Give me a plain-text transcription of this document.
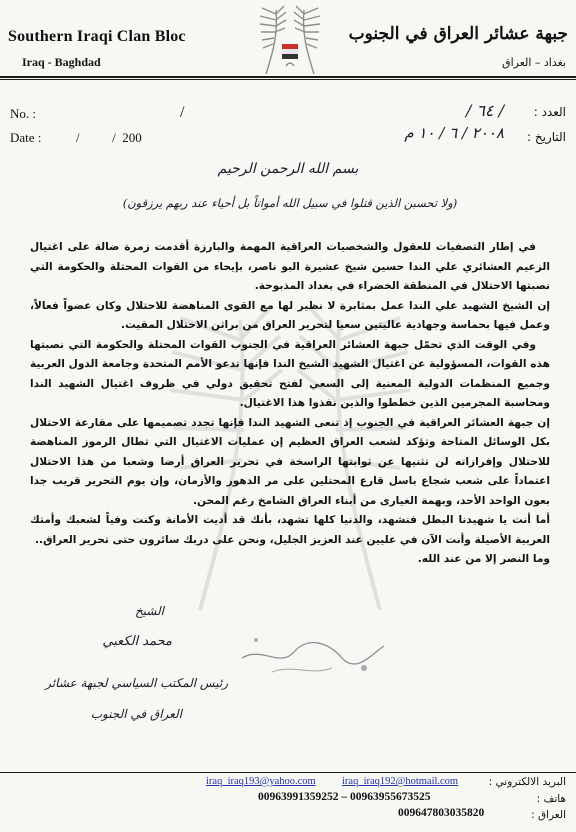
Southern Iraqi Clan Bloc
Iraq - Baghdad
جبهة عشائر العراق في الجنوب
بغداد – العراق
No. :	/
Date :	/          /  200
العدد :
/ ٦٤ /
التاريخ :
٢٠٠٨ / ٦ / ١٠ م
بسم الله الرحمن الرحيم
(ولا تحسبن الذين قتلوا في سبيل الله أمواتاً بل أحياء عند ربهم يرزقون)

في إطار التصفيات للعقول والشخصيات العراقية المهمة والبارزة أقدمت زمرة ضالة على اغتيال الزعيم العشائري علي الندا حسين شيخ عشيرة البو ناصر، بإيحاء من القوات المحتلة والحكومة التي نصبتها الاحتلال في المنطقة الخضراء في بغداد المذبوحة.

إن الشيخ الشهيد علي الندا عمل بمثابرة لا نظير لها مع القوى المناهضة للاحتلال وكان عضواً فعالاً، وعمل فيها بحماسة وجهادية عاليتين سعيا لتحرير العراق من براثن الاحتلال المقيت.

وفي الوقت الذي تحمّل جبهة العشائر العراقية في الجنوب القوات المحتلة والحكومة التي نصبتها هذه القوات، المسؤولية عن اغتيال الشهيد الشيخ الندا فإنها تدعو الأمم المتحدة وجامعة الدول العربية وجميع المنظمات الدولية المعنية إلى السعي لفتح تحقيق دولي في ظروف اغتيال الشهيد الندا ومحاسبة المجرمين الذين خططوا والذين نفذوا هذا الاغتيال.

إن جبهة العشائر العراقية في الجنوب إذ تنعى الشهيد الندا فإنها تجدد تصميمها على مقارعة الاحتلال بكل الوسائل المتاحة وتؤكد لشعب العراق العظيم إن عمليات الاغتيال التي تطال الرموز المناهضة للاحتلال وإفرازاته لن تثنيها عن ثوابتها الراسخة في تحرير العراق أرضا وشعبا من هذا الاحتلال اعتماداً على شعب شجاع باسل قارع المحتلين على مر الدهور والأزمان، وإن يوم التحرير قريب جدا بعون الواحد الأحد، وبهمة الغيارى من أبناء العراق الشامخ رغم المحن.

أما أنت يا شهيدنا البطل فنشهد، والدنيا كلها تشهد، بأنك قد أديت الأمانة وكنت وفياً لشعبك وأمتك العربية الأصيلة وأنت الآن في عليين عند العزيز الجليل، ونحن على دربك سائرون حتى تحرير العراق..

وما النصر إلا من عند الله.

الشيخ
محمد الكعبي
رئيس المكتب السياسي لجبهة عشائر
العراق في الجنوب
البريد الالكتروني :
iraq_iraq192@hotmail.com
iraq_iraq193@yahoo.com
هاتف :
00963991359252 – 00963955673525
العراق :
009647803035820
